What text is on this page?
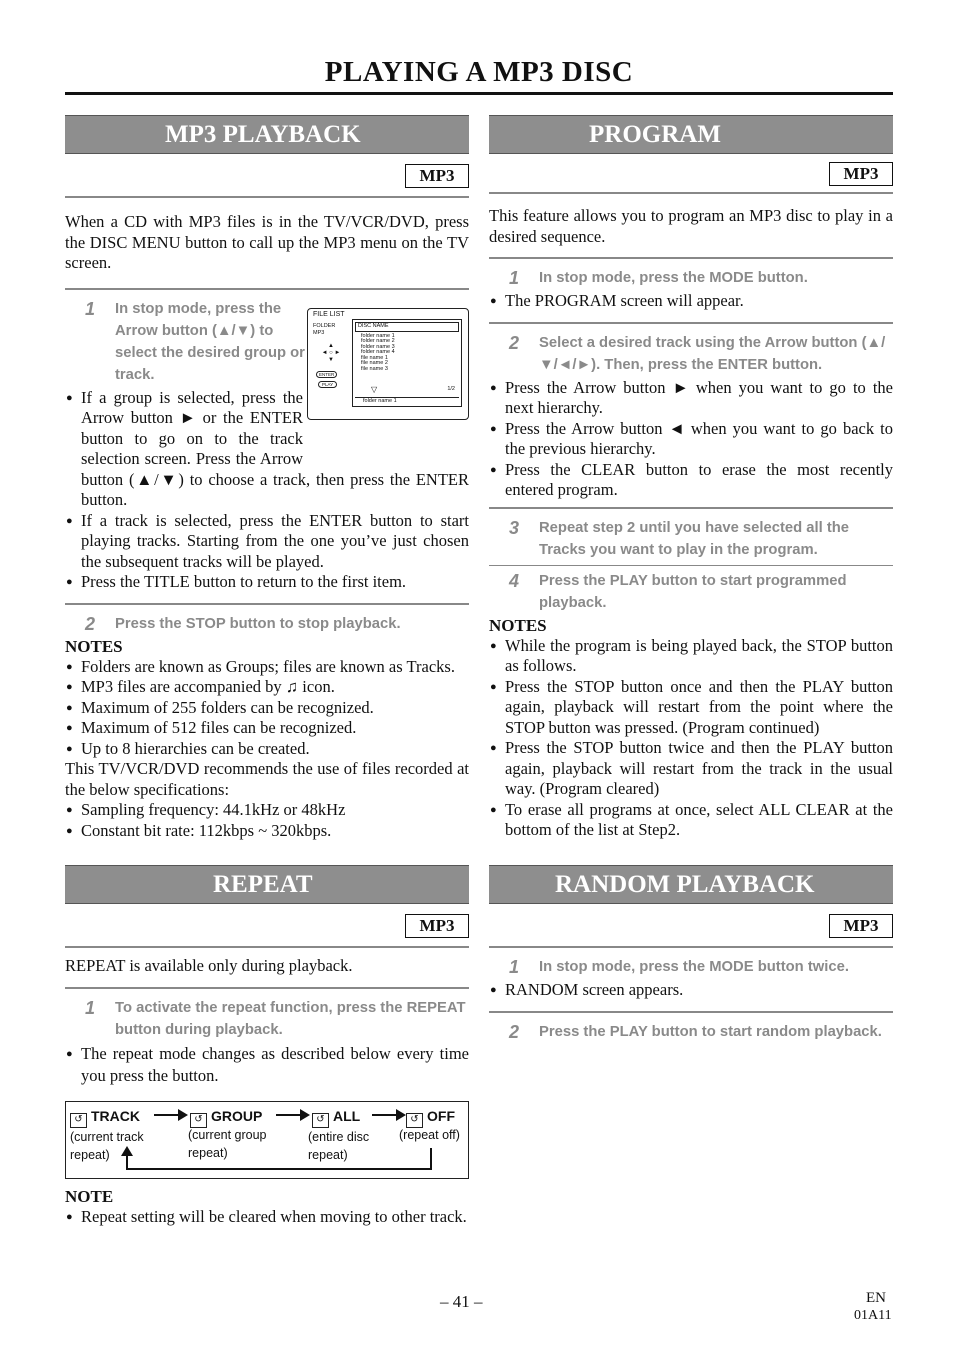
PLAYING A MP3 DISC
MP3 PLAYBACK
MP3

When a CD with MP3 files is in the TV/VCR/DVD, press the DISC MENU button to call up the MP3 menu on the TV screen.

FILE LIST
FOLDER
MP3
DISC NAME
folder name 1
folder name 2
folder name 3
folder name 4
file name 1
file name 2
file name 3
1/2
▽
folder name 1
▲
◄ ○ ►
▼
ENTER
PLAY
1	In stop mode, press the Arrow button (▲/▼) to select the desired group or track.
● If a group is selected, press the Arrow button ► or the ENTER button to go on to the track selection screen. Press the Arrow button (▲/▼) to choose a track, then press the ENTER button.
● If a track is selected, press the ENTER button to start playing tracks. Starting from the one you’ve just chosen the subsequent tracks will be played.
● Press the TITLE button to return to the first item.
2	Press the STOP button to stop playback.
NOTES
● Folders are known as Groups; files are known as Tracks.
● MP3 files are accompanied by ♫ icon.
● Maximum of 255 folders can be recognized.
● Maximum of 512 files can be recognized.
● Up to 8 hierarchies can be created.

This TV/VCR/DVD recommends the use of files recorded at the below specifications:

● Sampling frequency: 44.1kHz or 48kHz
● Constant bit rate: 112kbps ~ 320kbps.
PROGRAM
MP3

This feature allows you to program an MP3 disc to play in a desired sequence.

1	In stop mode, press the MODE button.
● The PROGRAM screen will appear.
2	Select a desired track using the Arrow button (▲/▼/◄/►). Then, press the ENTER button.
● Press the Arrow button ► when you want to go to the next hierarchy.
● Press the Arrow button ◄ when you want to go back to the previous hierarchy.
● Press the CLEAR button to erase the most recently entered program.
3	Repeat step 2 until you have selected all the Tracks you want to play in the program.
4	Press the PLAY button to start programmed playback.
NOTES
● While the program is being played back, the STOP button as follows.
● Press the STOP button once and then the PLAY button again, playback will restart from the point where the STOP button was pressed. (Program continued)
● Press the STOP button twice and then the PLAY button again, playback will restart from the track in the usual way. (Program cleared)
● To erase all programs at once, select ALL CLEAR at the bottom of the list at Step2.
REPEAT
MP3

REPEAT is available only during playback.

1	To activate the repeat function, press the REPEAT button during playback.
● The repeat mode changes as described below every time you press the button.
↺ TRACK	↺ GROUP	↺ ALL	↺ OFF
(current track
repeat)
(current group
repeat)
(entire disc
repeat)
(repeat off)
NOTE
● Repeat setting will be cleared when moving to other track.
RANDOM PLAYBACK
MP3
1	In stop mode, press the MODE button twice.
● RANDOM screen appears.
2	Press the PLAY button to start random playback.
– 41 –	EN
01A11
